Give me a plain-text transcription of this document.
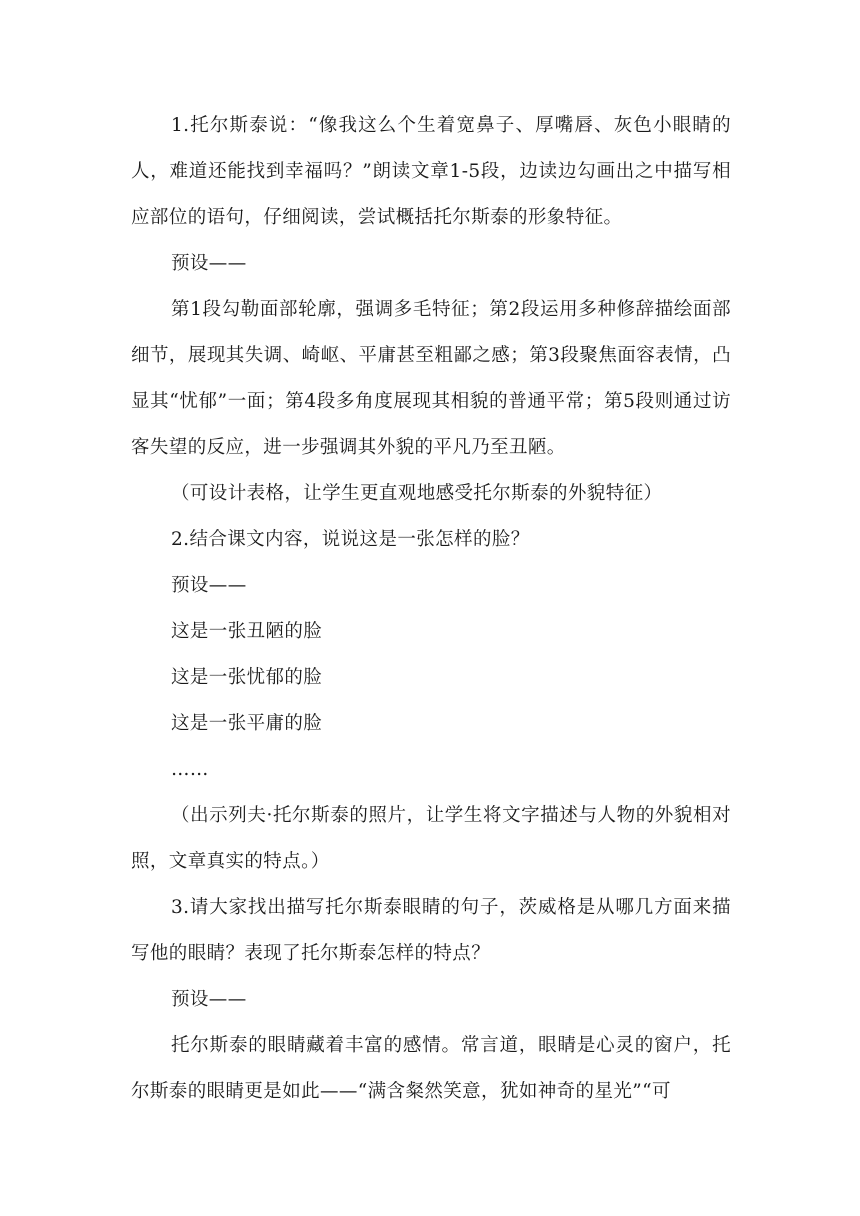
1.托尔斯泰说：“像我这么个生着宽鼻子、厚嘴唇、灰色小眼睛的人，难道还能找到幸福吗？”朗读文章1-5段，边读边勾画出之中描写相应部位的语句，仔细阅读，尝试概括托尔斯泰的形象特征。

预设——

第1段勾勒面部轮廓，强调多毛特征；第2段运用多种修辞描绘面部细节，展现其失调、崎岖、平庸甚至粗鄙之感；第3段聚焦面容表情，凸显其“忧郁”一面；第4段多角度展现其相貌的普通平常；第5段则通过访客失望的反应，进一步强调其外貌的平凡乃至丑陋。

（可设计表格，让学生更直观地感受托尔斯泰的外貌特征）

2.结合课文内容，说说这是一张怎样的脸？

预设——

这是一张丑陋的脸

这是一张忧郁的脸

这是一张平庸的脸

……

（出示列夫·托尔斯泰的照片，让学生将文字描述与人物的外貌相对照，文章真实的特点。）

3.请大家找出描写托尔斯泰眼睛的句子，茨威格是从哪几方面来描写他的眼睛？表现了托尔斯泰怎样的特点？

预设——

托尔斯泰的眼睛藏着丰富的感情。常言道，眼睛是心灵的窗户，托尔斯泰的眼睛更是如此——“满含粲然笑意，犹如神奇的星光”“可
